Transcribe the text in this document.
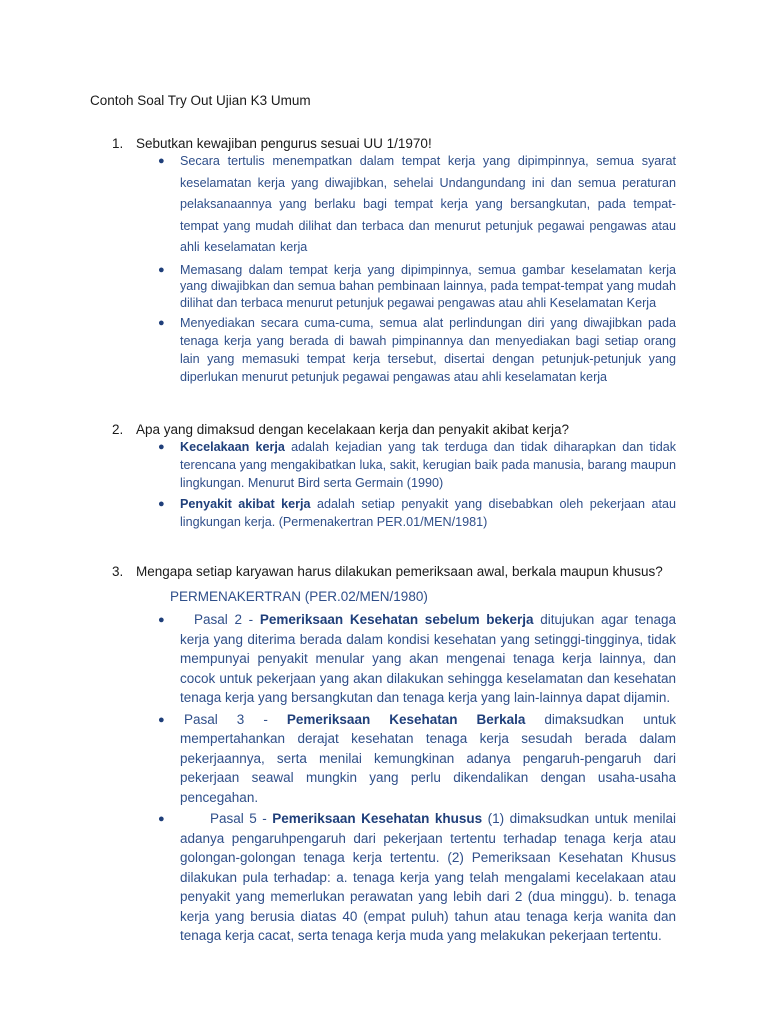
Contoh Soal Try Out Ujian K3 Umum
1. Sebutkan kewajiban pengurus sesuai UU 1/1970!
● Secara tertulis menempatkan dalam tempat kerja yang dipimpinnya, semua syarat keselamatan kerja yang diwajibkan, sehelai Undangundang ini dan semua peraturan pelaksanaannya yang berlaku bagi tempat kerja yang bersangkutan, pada tempat-tempat yang mudah dilihat dan terbaca dan menurut petunjuk pegawai pengawas atau ahli keselamatan kerja
● Memasang dalam tempat kerja yang dipimpinnya, semua gambar keselamatan kerja yang diwajibkan dan semua bahan pembinaan lainnya, pada tempat-tempat yang mudah dilihat dan terbaca menurut petunjuk pegawai pengawas atau ahli Keselamatan Kerja
● Menyediakan secara cuma-cuma, semua alat perlindungan diri yang diwajibkan pada tenaga kerja yang berada di bawah pimpinannya dan menyediakan bagi setiap orang lain yang memasuki tempat kerja tersebut, disertai dengan petunjuk-petunjuk yang diperlukan menurut petunjuk pegawai pengawas atau ahli keselamatan kerja
2. Apa yang dimaksud dengan kecelakaan kerja dan penyakit akibat kerja?
● Kecelakaan kerja adalah kejadian yang tak terduga dan tidak diharapkan dan tidak terencana yang mengakibatkan luka, sakit, kerugian baik pada manusia, barang maupun lingkungan. Menurut Bird serta Germain (1990)
● Penyakit akibat kerja adalah setiap penyakit yang disebabkan oleh pekerjaan atau lingkungan kerja. (Permenakertran PER.01/MEN/1981)
3. Mengapa setiap karyawan harus dilakukan pemeriksaan awal, berkala maupun khusus?
PERMENAKERTRAN (PER.02/MEN/1980)
● Pasal 2 - Pemeriksaan Kesehatan sebelum bekerja ditujukan agar tenaga kerja yang diterima berada dalam kondisi kesehatan yang setinggi-tingginya, tidak mempunyai penyakit menular yang akan mengenai tenaga kerja lainnya, dan cocok untuk pekerjaan yang akan dilakukan sehingga keselamatan dan kesehatan tenaga kerja yang bersangkutan dan tenaga kerja yang lain-lainnya dapat dijamin.
● Pasal 3 - Pemeriksaan Kesehatan Berkala dimaksudkan untuk mempertahankan derajat kesehatan tenaga kerja sesudah berada dalam pekerjaannya, serta menilai kemungkinan adanya pengaruh-pengaruh dari pekerjaan seawal mungkin yang perlu dikendalikan dengan usaha-usaha pencegahan.
●	Pasal 5 - Pemeriksaan Kesehatan khusus (1) dimaksudkan untuk menilai adanya pengaruhpengaruh dari pekerjaan tertentu terhadap tenaga kerja atau golongan-golongan tenaga kerja tertentu. (2) Pemeriksaan Kesehatan Khusus dilakukan pula terhadap: a. tenaga kerja yang telah mengalami kecelakaan atau penyakit yang memerlukan perawatan yang lebih dari 2 (dua minggu). b. tenaga kerja yang berusia diatas 40 (empat puluh) tahun atau tenaga kerja wanita dan tenaga kerja cacat, serta tenaga kerja muda yang melakukan pekerjaan tertentu.
